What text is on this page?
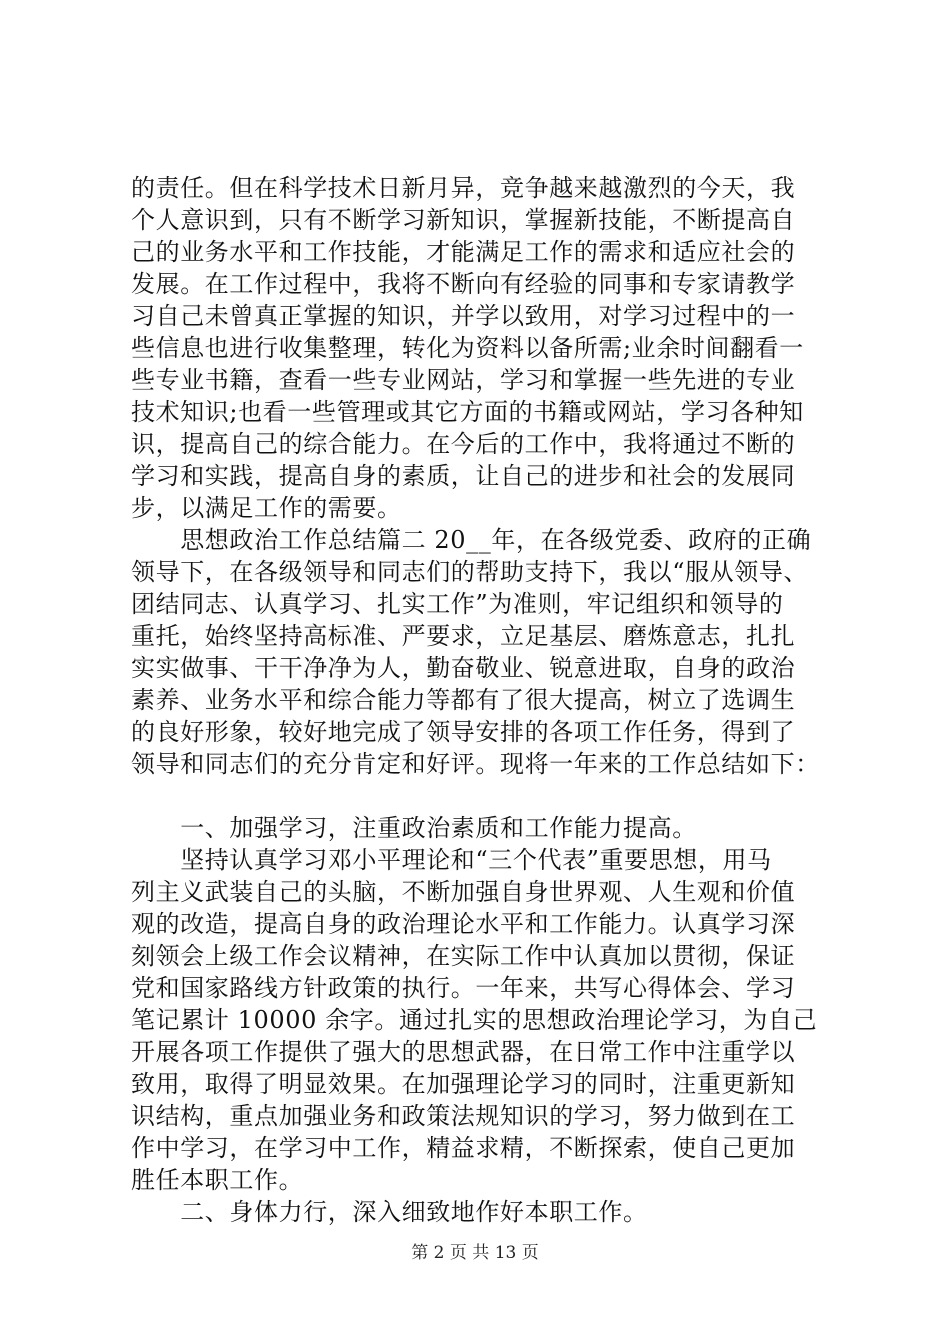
的责任。但在科学技术日新月异，竞争越来越激烈的今天，我
个人意识到，只有不断学习新知识，掌握新技能，不断提高自
己的业务水平和工作技能，才能满足工作的需求和适应社会的
发展。在工作过程中，我将不断向有经验的同事和专家请教学
习自己未曾真正掌握的知识，并学以致用，对学习过程中的一
些信息也进行收集整理，转化为资料以备所需;业余时间翻看一
些专业书籍，查看一些专业网站，学习和掌握一些先进的专业
技术知识;也看一些管理或其它方面的书籍或网站，学习各种知
识，提高自己的综合能力。在今后的工作中，我将通过不断的
学习和实践，提高自身的素质，让自己的进步和社会的发展同
步，以满足工作的需要。
　　思想政治工作总结篇二 20__年，在各级党委、政府的正确
领导下，在各级领导和同志们的帮助支持下，我以“服从领导、
团结同志、认真学习、扎实工作”为准则，牢记组织和领导的
重托，始终坚持高标准、严要求，立足基层、磨炼意志，扎扎
实实做事、干干净净为人，勤奋敬业、锐意进取，自身的政治
素养、业务水平和综合能力等都有了很大提高，树立了选调生
的良好形象，较好地完成了领导安排的各项工作任务，得到了
领导和同志们的充分肯定和好评。现将一年来的工作总结如下：
　　一、加强学习，注重政治素质和工作能力提高。
　　坚持认真学习邓小平理论和“三个代表”重要思想，用马
列主义武装自己的头脑，不断加强自身世界观、人生观和价值
观的改造，提高自身的政治理论水平和工作能力。认真学习深
刻领会上级工作会议精神，在实际工作中认真加以贯彻，保证
党和国家路线方针政策的执行。一年来，共写心得体会、学习
笔记累计 10000 余字。通过扎实的思想政治理论学习，为自己
开展各项工作提供了强大的思想武器，在日常工作中注重学以
致用，取得了明显效果。在加强理论学习的同时，注重更新知
识结构，重点加强业务和政策法规知识的学习，努力做到在工
作中学习，在学习中工作，精益求精，不断探索，使自己更加
胜任本职工作。
　　二、身体力行，深入细致地作好本职工作。
第 2 页 共 13 页
